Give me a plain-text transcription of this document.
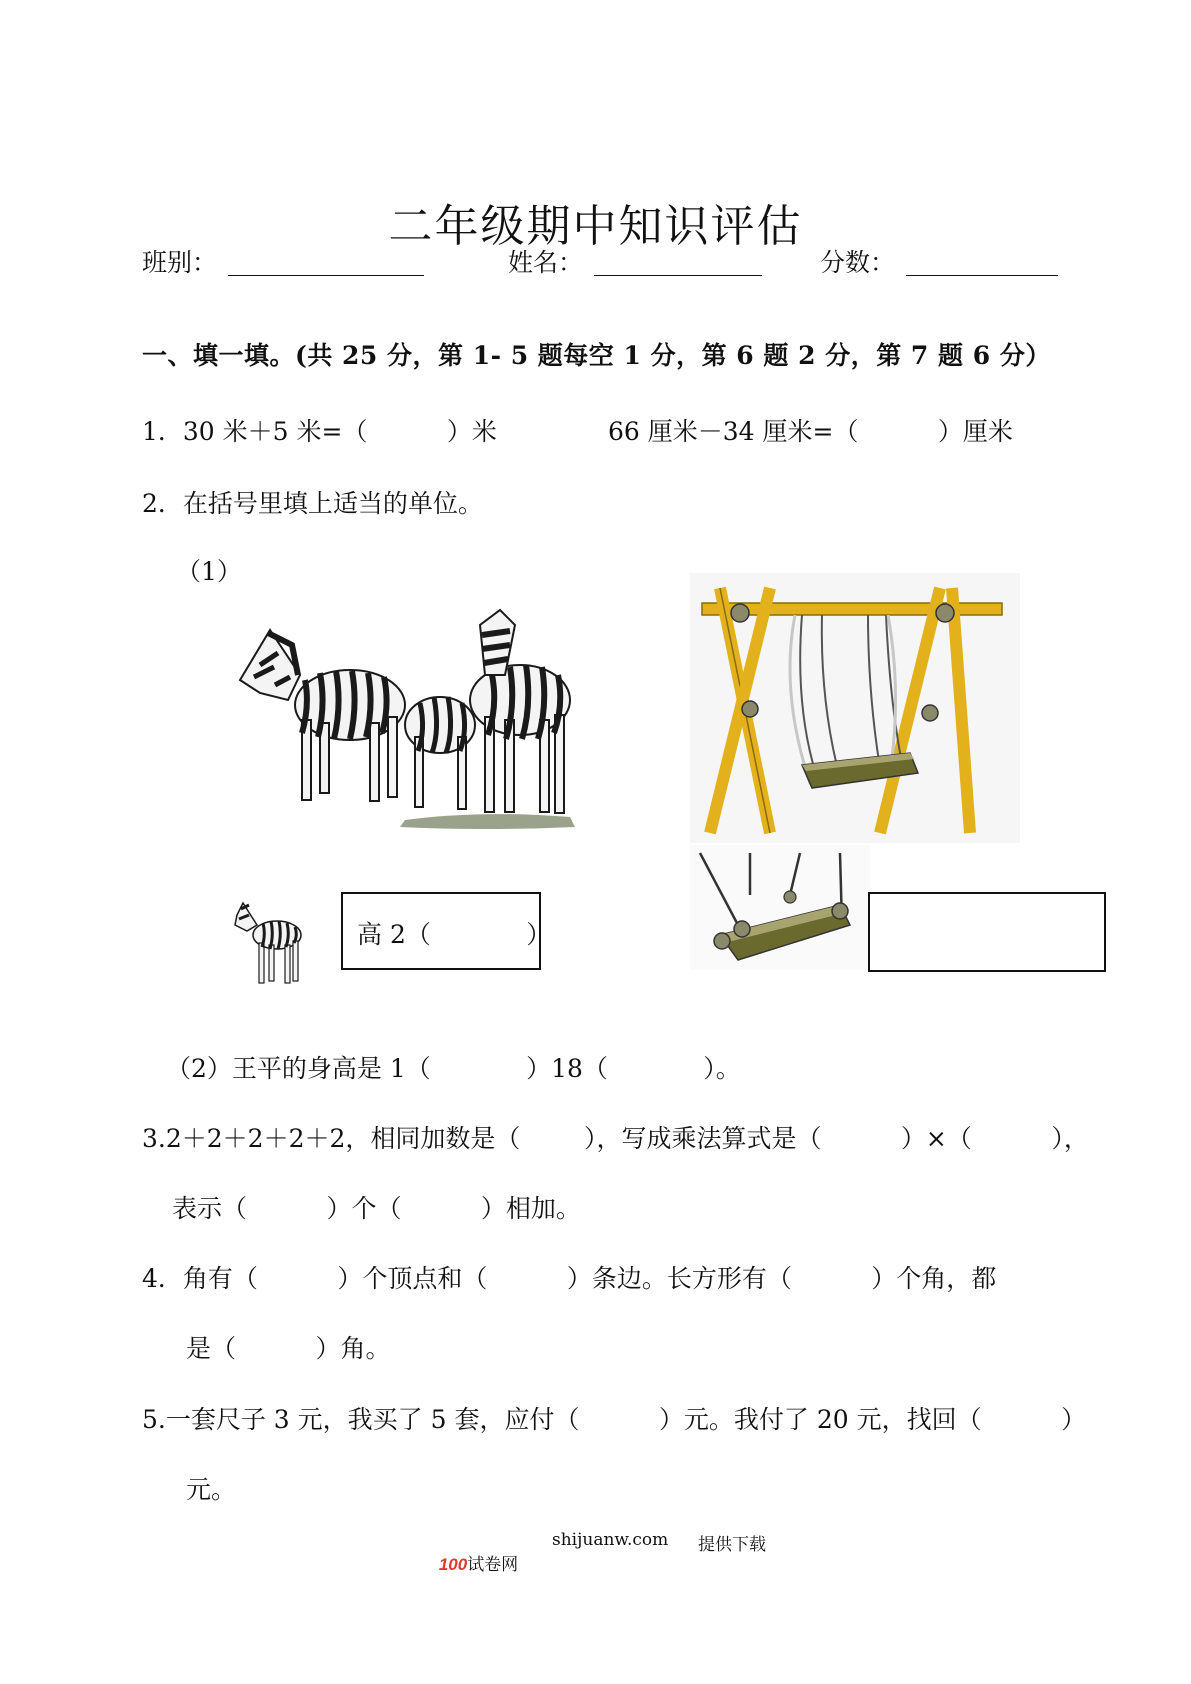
二年级期中知识评估
班别：	姓名：	分数：
一、填一填。(共 25 分，第 1- 5 题每空 1 分，第 6 题 2 分，第 7 题 6 分）
1．30 米＋5 米=（          ）米	66 厘米－34 厘米=（          ）厘米
2．在括号里填上适当的单位。
（1）
高 2（            ）
（2）王平的身高是 1（            ）18（            ）。
3.2＋2＋2＋2＋2，相同加数是（        ），写成乘法算式是（          ）×（          ），
表示（          ）个（          ）相加。
4．角有（          ）个顶点和（          ）条边。长方形有（          ）个角，都
是（          ）角。
5.一套尺子 3 元，我买了 5 套，应付（          ）元。我付了 20 元，找回（          ）
元。

100试卷网

shijuanw.com 提供下载
